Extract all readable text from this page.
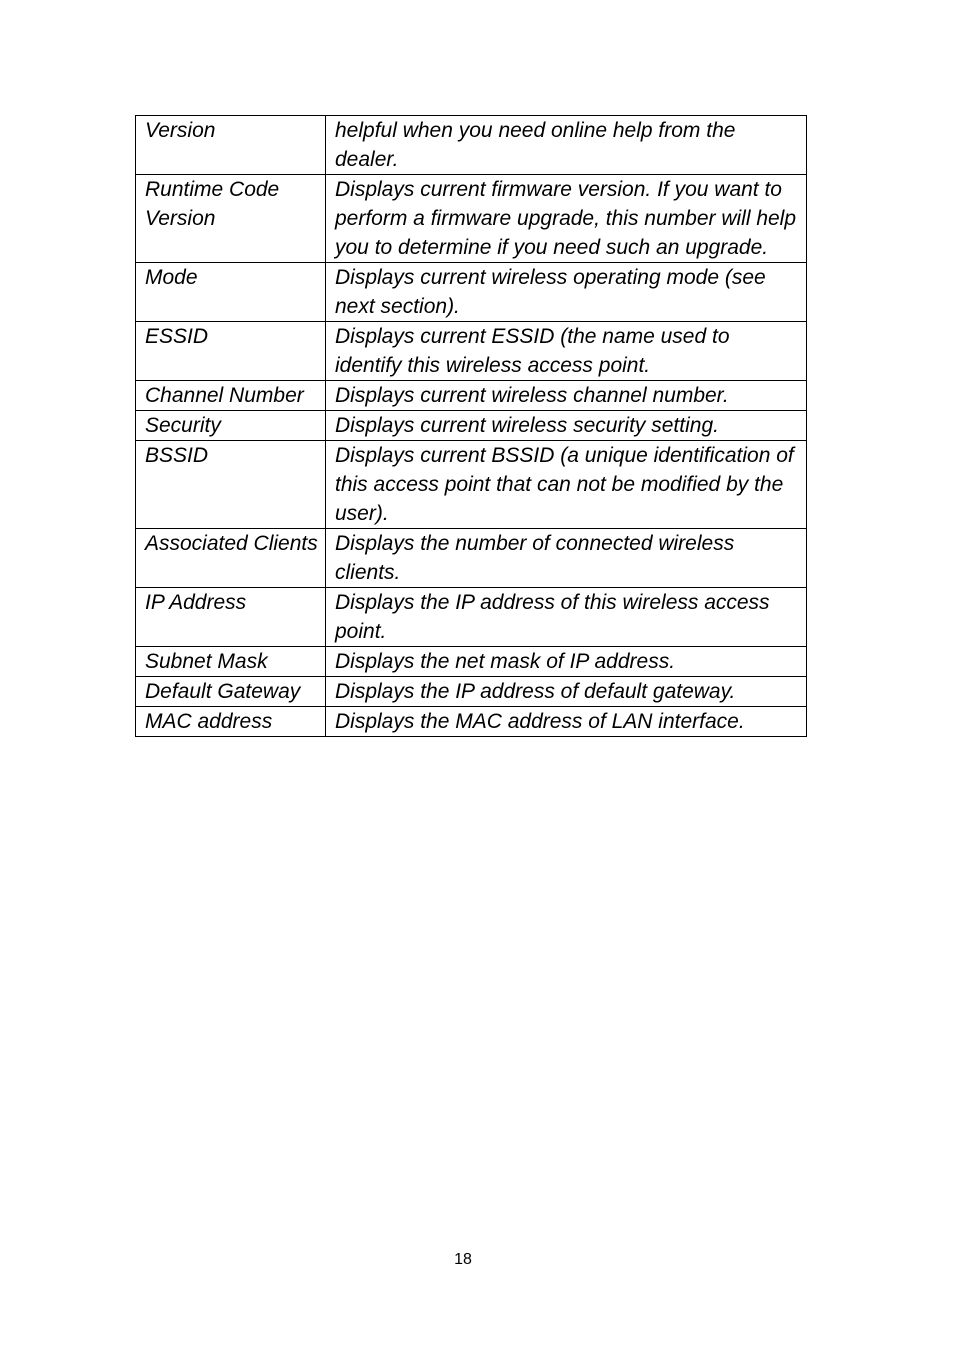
Version	helpful when you need online help from the dealer.
Runtime Code Version	Displays current firmware version. If you want to perform a firmware upgrade, this number will help you to determine if you need such an upgrade.
Mode	Displays current wireless operating mode (see next section).
ESSID	Displays current ESSID (the name used to identify this wireless access point.
Channel Number	Displays current wireless channel number.
Security	Displays current wireless security setting.
BSSID	Displays current BSSID (a unique identification of this access point that can not be modified by the user).
Associated Clients	Displays the number of connected wireless clients.
IP Address	Displays the IP address of this wireless access point.
Subnet Mask	Displays the net mask of IP address.
Default Gateway	Displays the IP address of default gateway.
MAC address	Displays the MAC address of LAN interface.
18
